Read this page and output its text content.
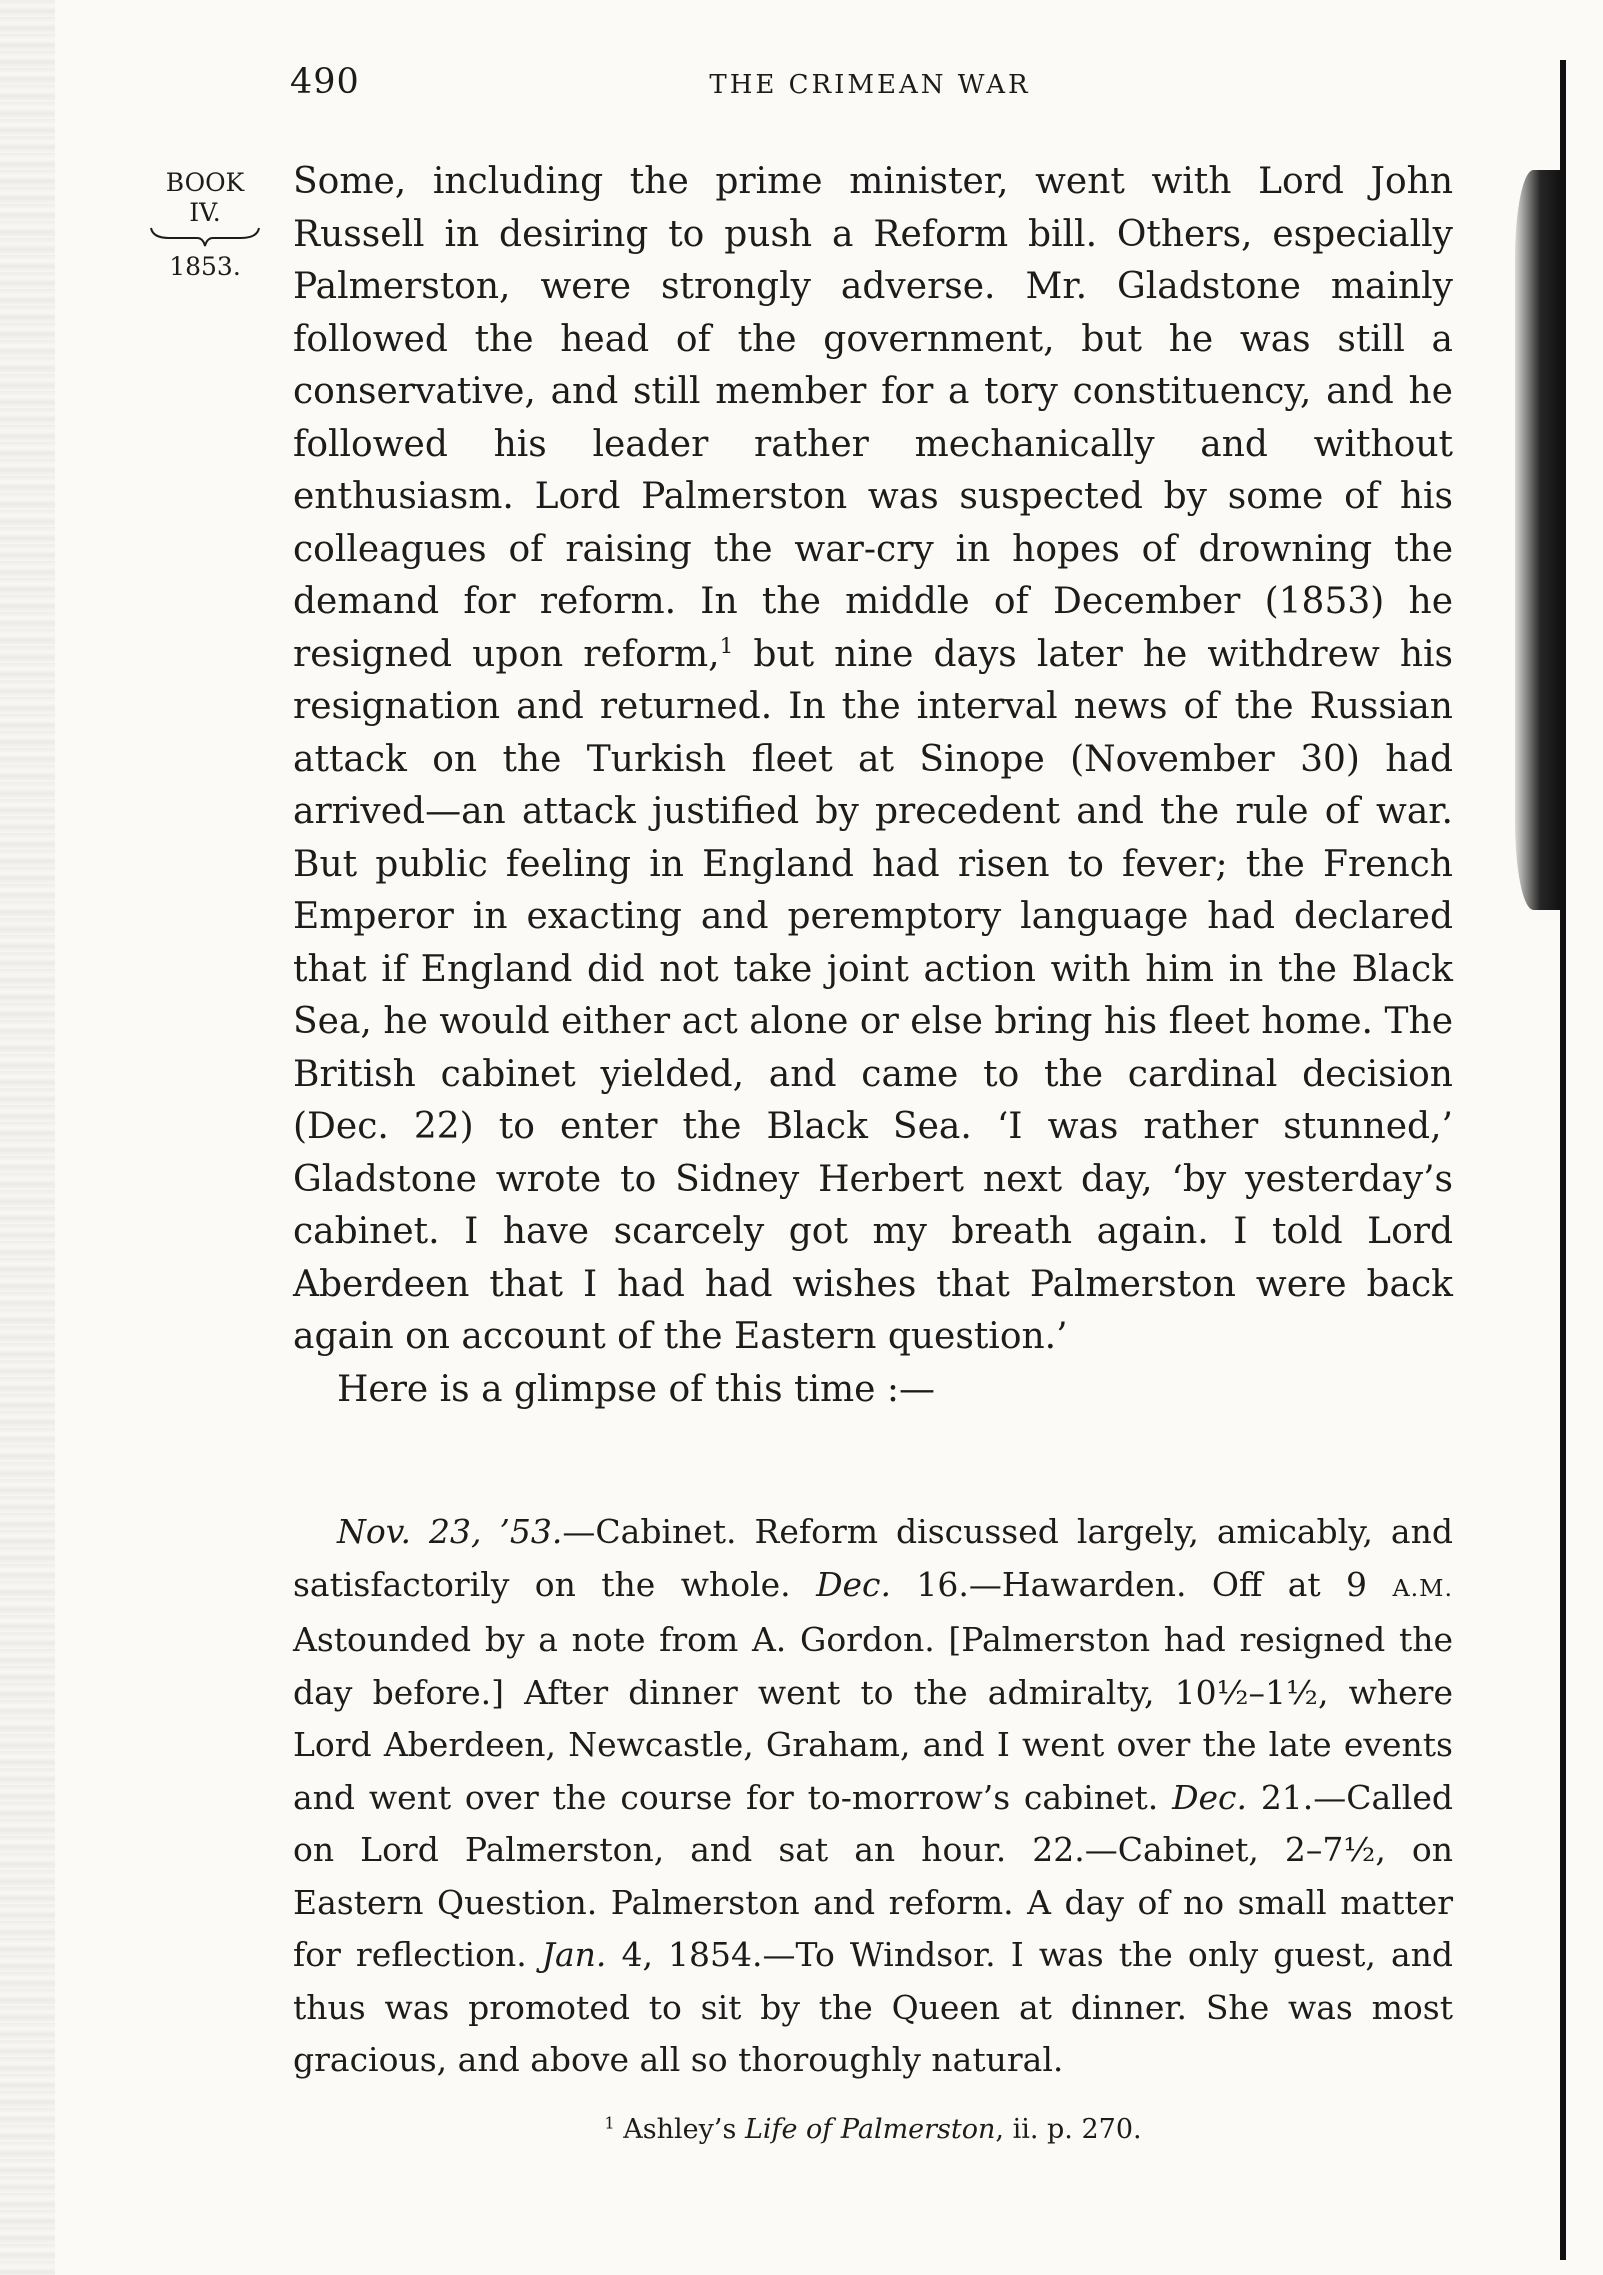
490	THE CRIMEAN WAR
BOOK
IV.
1853.

Some, including the prime minister, went with Lord John Russell in desiring to push a Reform bill. Others, especially Palmerston, were strongly adverse. Mr. Gladstone mainly followed the head of the government, but he was still a conservative, and still member for a tory constituency, and he followed his leader rather mechanically and without enthusiasm. Lord Palmerston was suspected by some of his colleagues of raising the war-cry in hopes of drowning the demand for reform. In the middle of December (1853) he resigned upon reform,$^1$ but nine days later he withdrew his resignation and returned. In the interval news of the Russian attack on the Turkish fleet at Sinope (November 30) had arrived—an attack justified by precedent and the rule of war. But public feeling in England had risen to fever; the French Emperor in exacting and peremptory language had declared that if England did not take joint action with him in the Black Sea, he would either act alone or else bring his fleet home. The British cabinet yielded, and came to the cardinal decision (Dec. 22) to enter the Black Sea. ‘I was rather stunned,’ Gladstone wrote to Sidney Herbert next day, ‘by yesterday’s cabinet. I have scarcely got my breath again. I told Lord Aberdeen that I had had wishes that Palmerston were back again on account of the Eastern question.’

Here is a glimpse of this time :—

Nov. 23, ’53.—Cabinet. Reform discussed largely, amicably, and satisfactorily on the whole. Dec. 16.—Hawarden. Off at 9 A.M. Astounded by a note from A. Gordon. [Palmerston had resigned the day before.] After dinner went to the admiralty, 10½–1½, where Lord Aberdeen, Newcastle, Graham, and I went over the late events and went over the course for to-morrow’s cabinet. Dec. 21.—Called on Lord Palmerston, and sat an hour. 22.—Cabinet, 2–7½, on Eastern Question. Palmerston and reform. A day of no small matter for reflection. Jan. 4, 1854.—To Windsor. I was the only guest, and thus was promoted to sit by the Queen at dinner. She was most gracious, and above all so thoroughly natural.
$^1$ Ashley’s Life of Palmerston, ii. p. 270.
